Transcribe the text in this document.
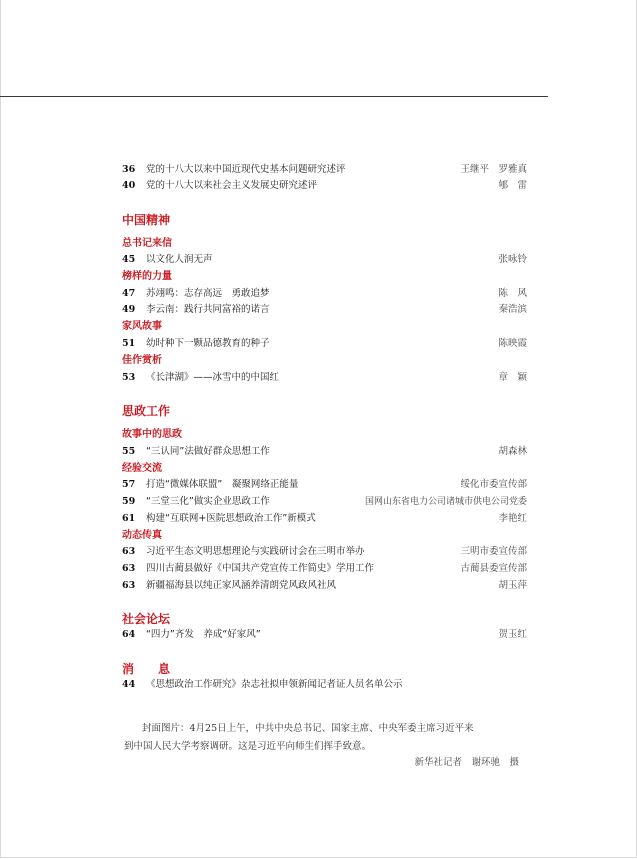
36	党的十八大以来中国近现代史基本问题研究述评	王继平　罗雅真
40	党的十八大以来社会主义发展史研究述评	郇　雷
中国精神
总书记来信
45	以文化人润无声	张咏铃
榜样的力量
47	苏翊鸣：志存高远　勇敢追梦	陈　风
49	李云南：践行共同富裕的诺言	秦浩滨
家风故事
51	幼时种下一颗品德教育的种子	陈映霞
佳作赏析
53	《长津湖》——冰雪中的中国红	章　颖
思政工作
故事中的思政
55	“三认同”法做好群众思想工作	胡森林
经验交流
57	打造“微媒体联盟”　凝聚网络正能量	绥化市委宣传部
59	“三堂三化”做实企业思政工作	国网山东省电力公司诸城市供电公司党委
61	构建“互联网+医院思想政治工作”新模式	李艳红
动态传真
63	习近平生态文明思想理论与实践研讨会在三明市举办	三明市委宣传部
63	四川古蔺县做好《中国共产党宣传工作简史》学用工作	古蔺县委宣传部
63	新疆福海县以纯正家风涵养清朗党风政风社风	胡玉萍
社会论坛
64	“四力”齐发　养成“好家风”	贺玉红
消　　息
44	《思想政治工作研究》杂志社拟申领新闻记者证人员名单公示
封面图片：4月25日上午，中共中央总书记、国家主席、中央军委主席习近平来
到中国人民大学考察调研。这是习近平向师生们挥手致意。
新华社记者　谢环驰　摄
